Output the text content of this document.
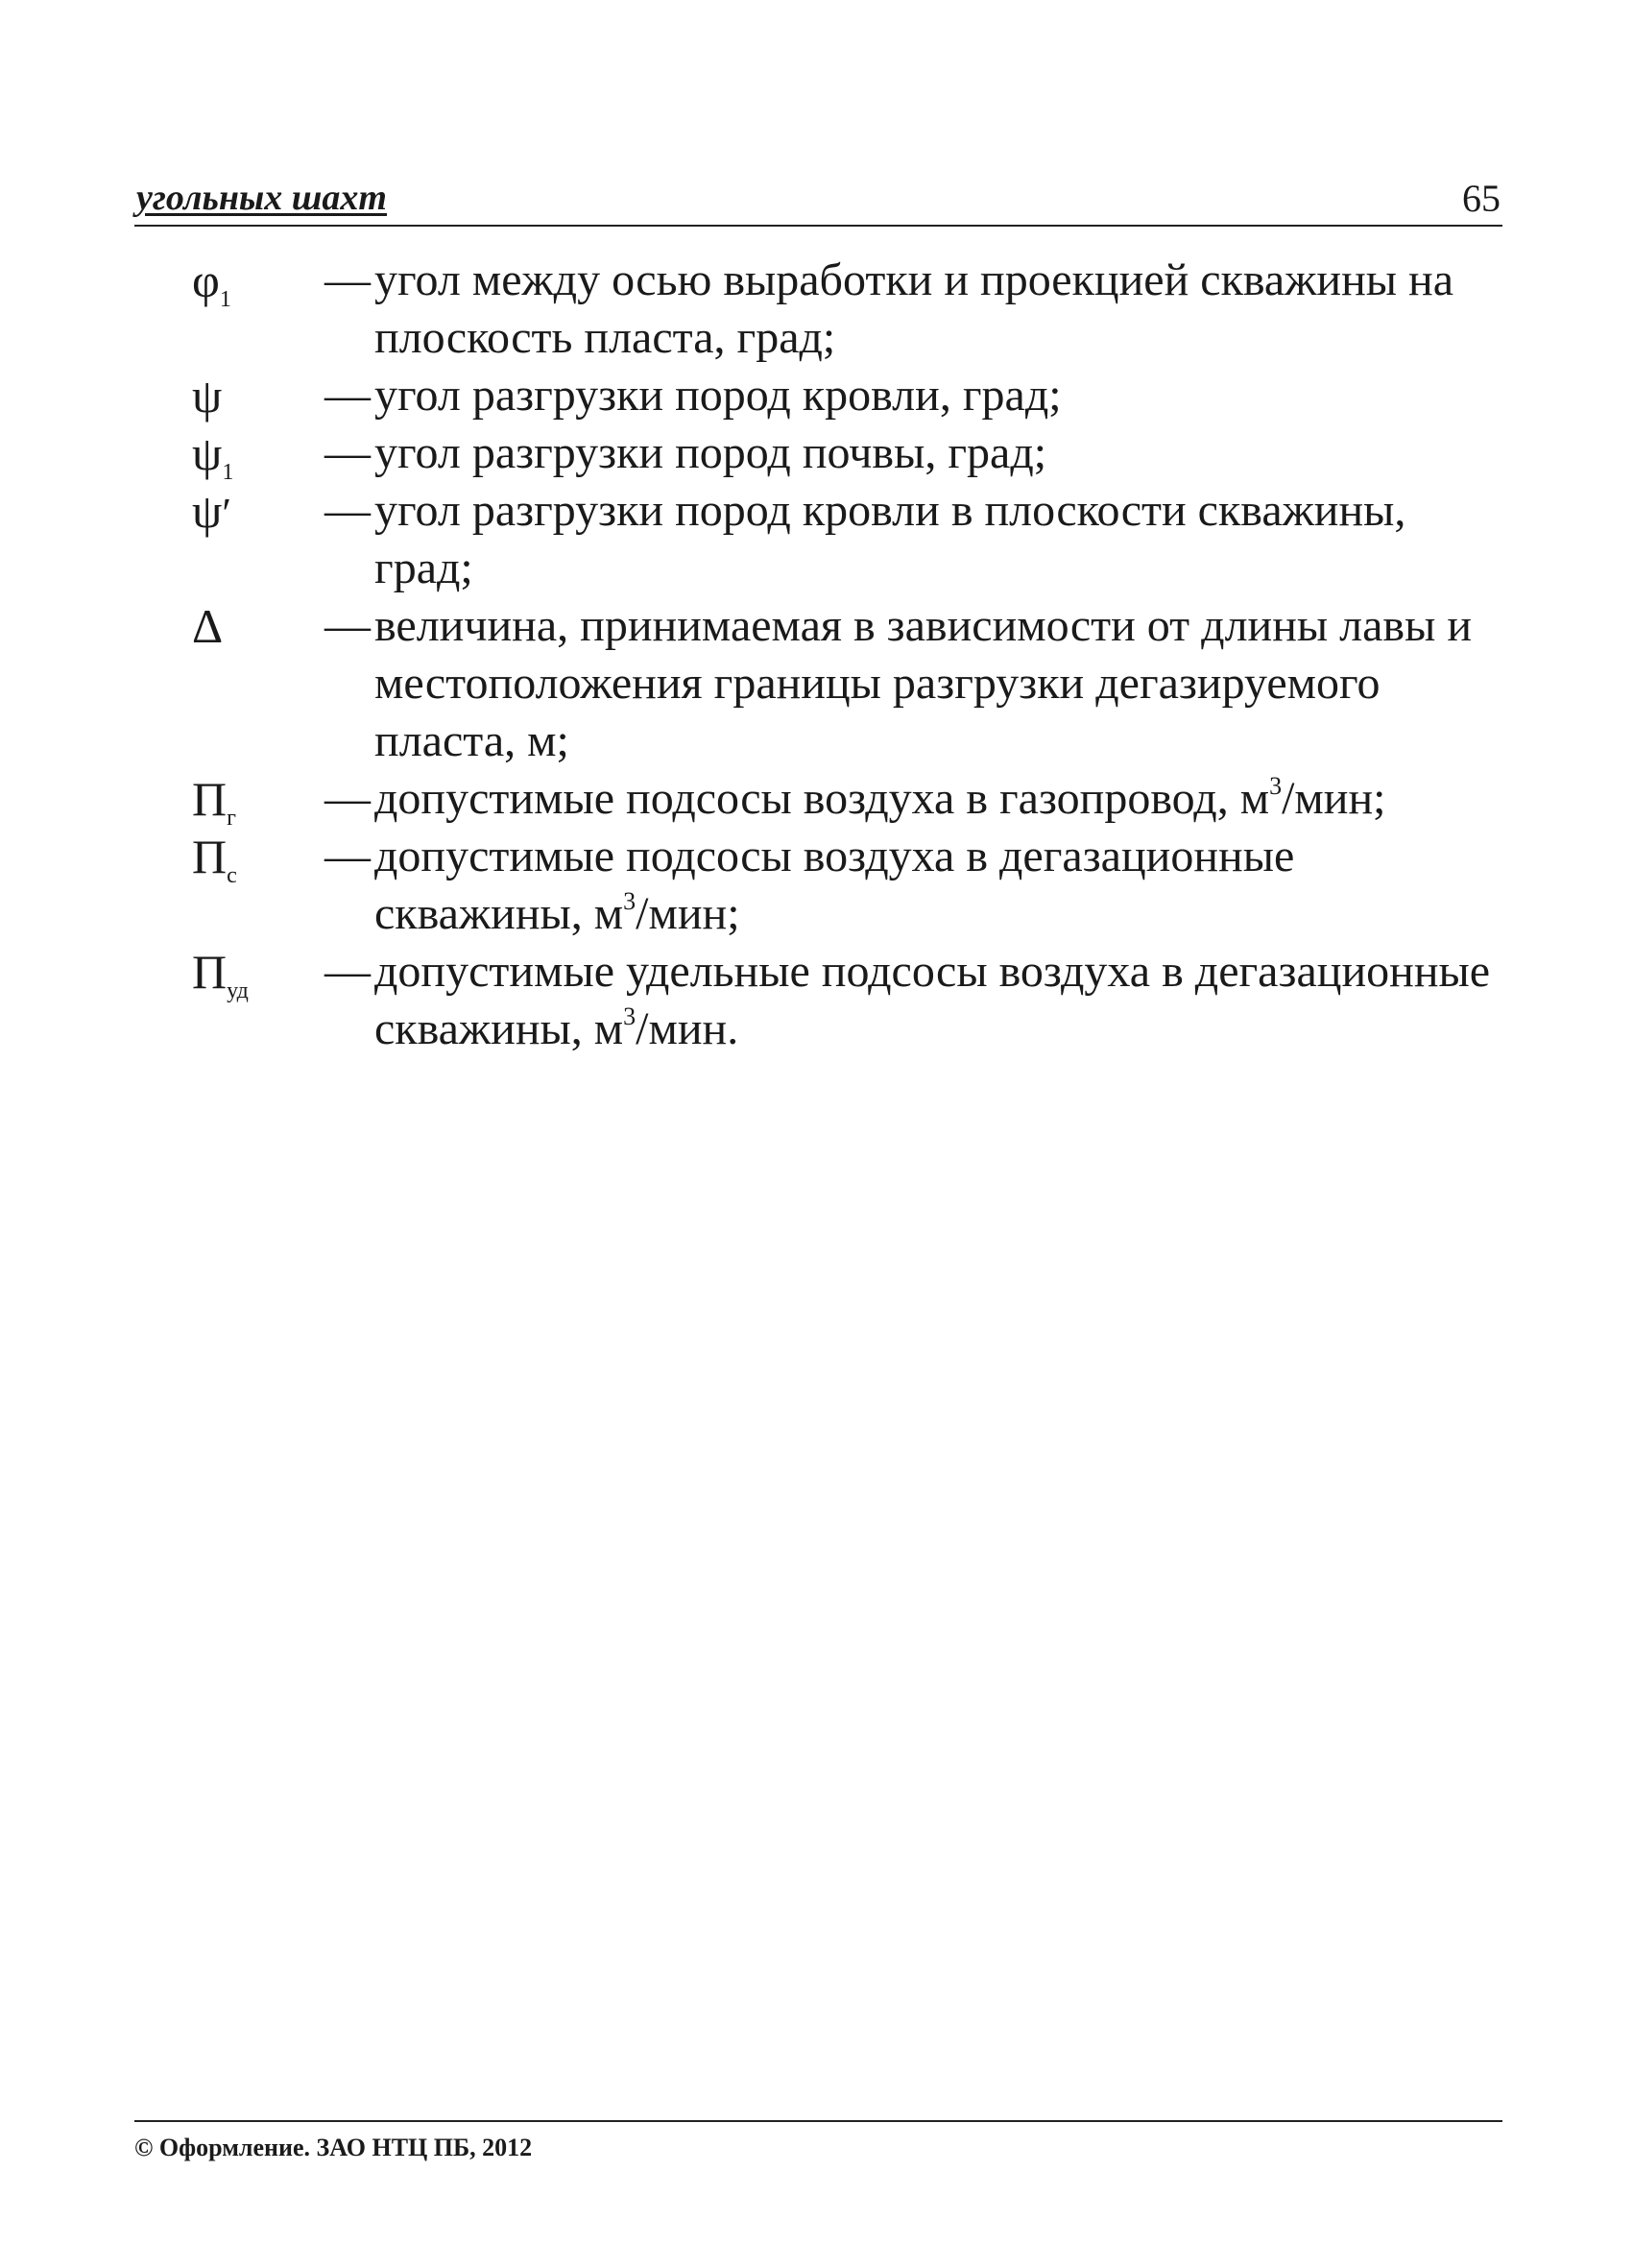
угольных шахт	65
$\varphi_1$	— угол между осью выработки и проекцией скважины на плоскость пласта, град;
ψ	— угол разгрузки пород кровли, град;
$\psi_1$	— угол разгрузки пород почвы, град;
ψ′	— угол разгрузки пород кровли в плоскости скважины, град;
Δ	— величина, принимаемая в зависимости от длины лавы и местоположения границы разгрузки дегазируемого пласта, м;
$П_г$	— допустимые подсосы воздуха в газопровод, $м^3$/мин;
$П_с$	— допустимые подсосы воздуха в дегазационные скважины, $м^3$/мин;
$П_{уд}$	— допустимые удельные подсосы воздуха в дегазационные скважины, $м^3$/мин.
© Оформление. ЗАО НТЦ ПБ, 2012
